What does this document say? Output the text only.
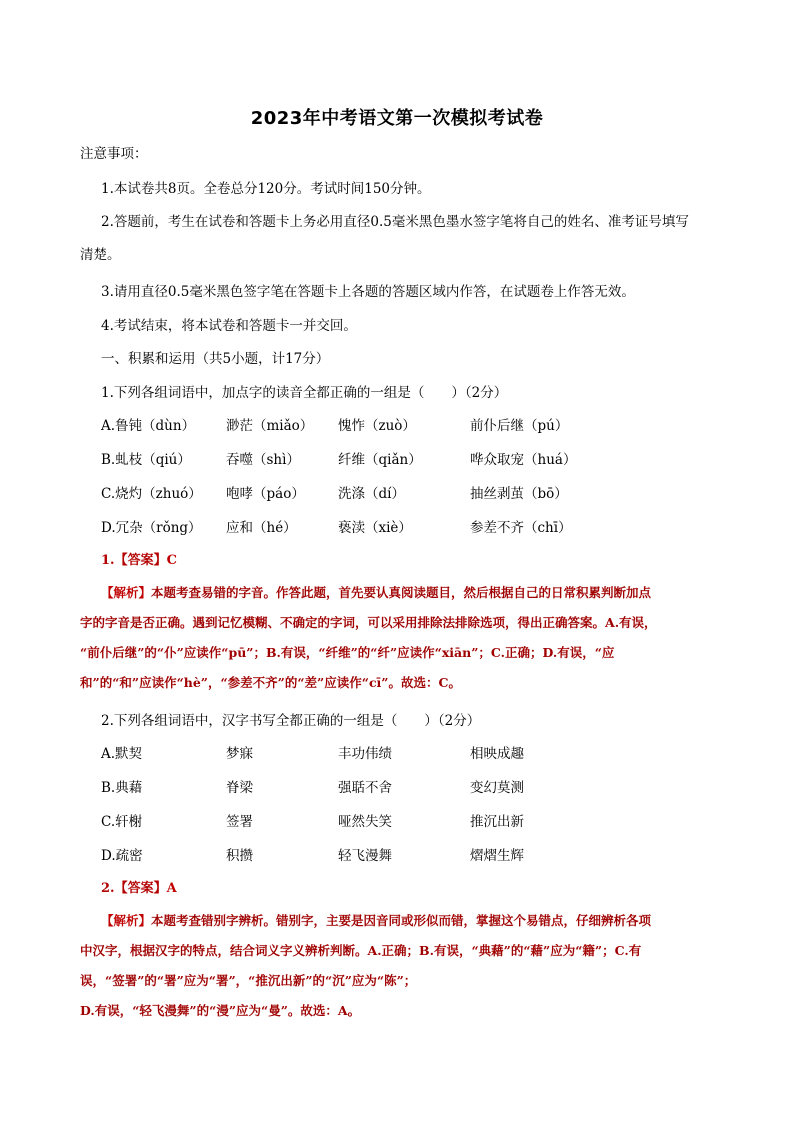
2023年中考语文第一次模拟考试卷
注意事项：
1.本试卷共8页。全卷总分120分。考试时间150分钟。
2.答题前，考生在试卷和答题卡上务必用直径0.5毫米黑色墨水签字笔将自己的姓名、准考证号填写
清楚。
3.请用直径0.5毫米黑色签字笔在答题卡上各题的答题区域内作答，在试题卷上作答无效。
4.考试结束，将本试卷和答题卡一并交回。
一、积累和运用（共5小题，计17分）
1.下列各组词语中，加点字的读音全都正确的一组是（　　）（2分）
A.鲁钝（dùn） 渺茫（miǎo） 愧怍（zuò）	前仆后继（pú）
B.虬枝（qiú）	吞噬（shì）	纤维（qiǎn）	哗众取宠（huá）
C.烧灼（zhuó） 咆哮（páo） 洗涤（dí）	抽丝剥茧（bō）
D.冗杂（rǒng） 应和（hé）	亵渎（xiè）	参差不齐（chī）
1.【答案】C
【解析】本题考查易错的字音。作答此题，首先要认真阅读题目，然后根据自己的日常积累判断加点
字的字音是否正确。遇到记忆模糊、不确定的字词，可以采用排除法排除选项，得出正确答案。A.有误，
“前仆后继”的“仆”应读作“pū”；B.有误，“纤维”的“纤”应读作“xiān”；C.正确；D.有误，“应
和”的“和”应读作“hè”，“参差不齐”的“差”应读作“cī”。故选：C。
2.下列各组词语中，汉字书写全都正确的一组是（　　）（2分）
A.默契	梦寐	丰功伟绩	相映成趣
B.典藉	脊梁	强聒不舍	变幻莫测
C.轩榭	签署	哑然失笑	推沉出新
D.疏密	积攒	轻飞漫舞	熠熠生辉
2.【答案】A
【解析】本题考查错别字辨析。错别字，主要是因音同或形似而错，掌握这个易错点，仔细辨析各项
中汉字，根据汉字的特点，结合词义字义辨析判断。A.正确；B.有误，“典藉”的“藉”应为“籍”；C.有
误，“签署”的“署”应为“署”，“推沉出新”的“沉”应为“陈”；
D.有误，“轻飞漫舞”的“漫”应为“曼”。故选：A。
